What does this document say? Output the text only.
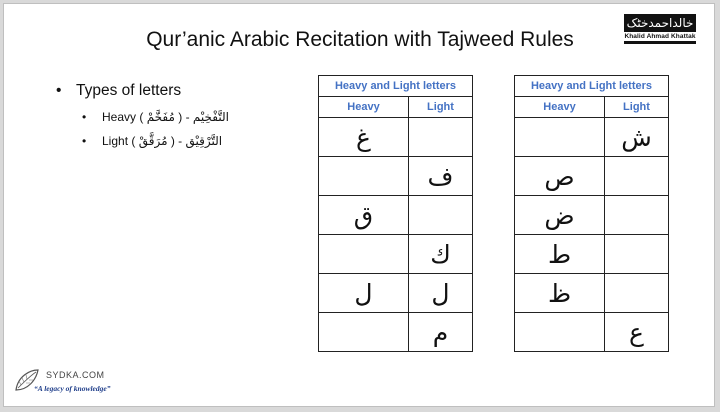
Qur’anic Arabic Recitation with Tajweed Rules
خالداحمدخٹک
Khalid Ahmad Khattak
• Types of letters
• Heavy ( مُفَخَّمْ ) - التَّفْخِيْم
• Light ( مُرَقَّقْ ) - التَّرْقِيْق
Heavy and Light letters	
Heavy	Light
غ	
	ف
ق	
	ك
ل	ل
	م
Heavy and Light letters	
Heavy	Light
	ش
ص	
ض	
ط	
ظ	
	ع
SYDKA.COM
“A legacy of knowledge”
